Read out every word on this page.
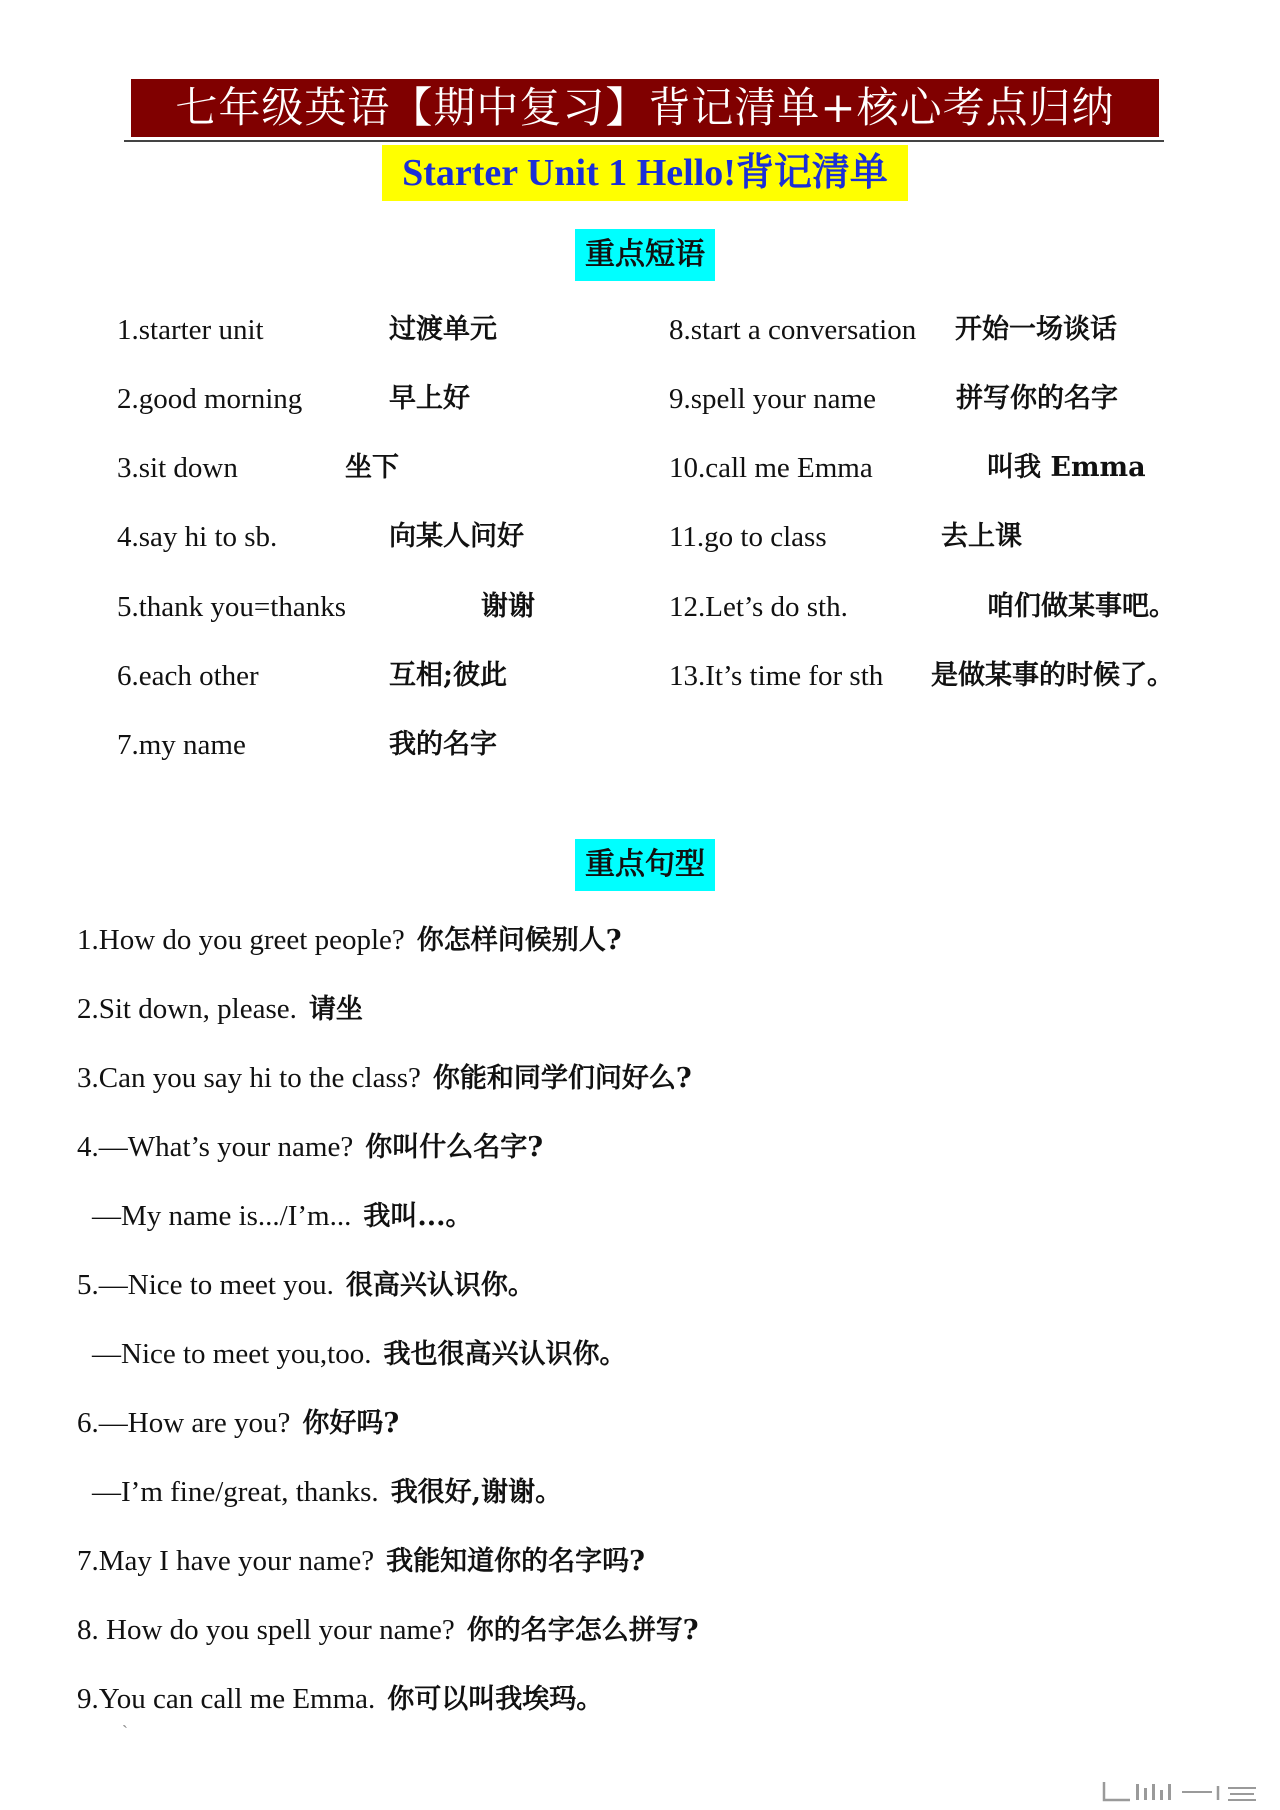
七年级英语【期中复习】背记清单+核心考点归纳
Starter Unit 1 Hello!背记清单
重点短语
1.starter unit	过渡单元
2.good morning	早上好
3.sit down	坐下
4.say hi to sb.	向某人问好
5.thank you=thanks	谢谢
6.each other	互相;彼此
7.my name	我的名字
8.start a conversation 开始一场谈话
9.spell your name	拼写你的名字
10.call me Emma	叫我 Emma
11.go to class	去上课
12.Let’s do sth.	咱们做某事吧。
13.It’s time for sth 是做某事的时候了。
重点句型
1.How do you greet people? 你怎样问候别人?
2.Sit down, please. 请坐
3.Can you say hi to the class? 你能和同学们问好么?
4.—What’s your name? 你叫什么名字?
—My name is.../I’m... 我叫...。
5.—Nice to meet you. 很高兴认识你。
—Nice to meet you,too. 我也很高兴认识你。
6.—How are you? 你好吗?
—I’m fine/great, thanks. 我很好,谢谢。
7.May I have your name? 我能知道你的名字吗?
8. How do you spell your name? 你的名字怎么拼写?
9.You can call me Emma. 你可以叫我埃玛。
`
